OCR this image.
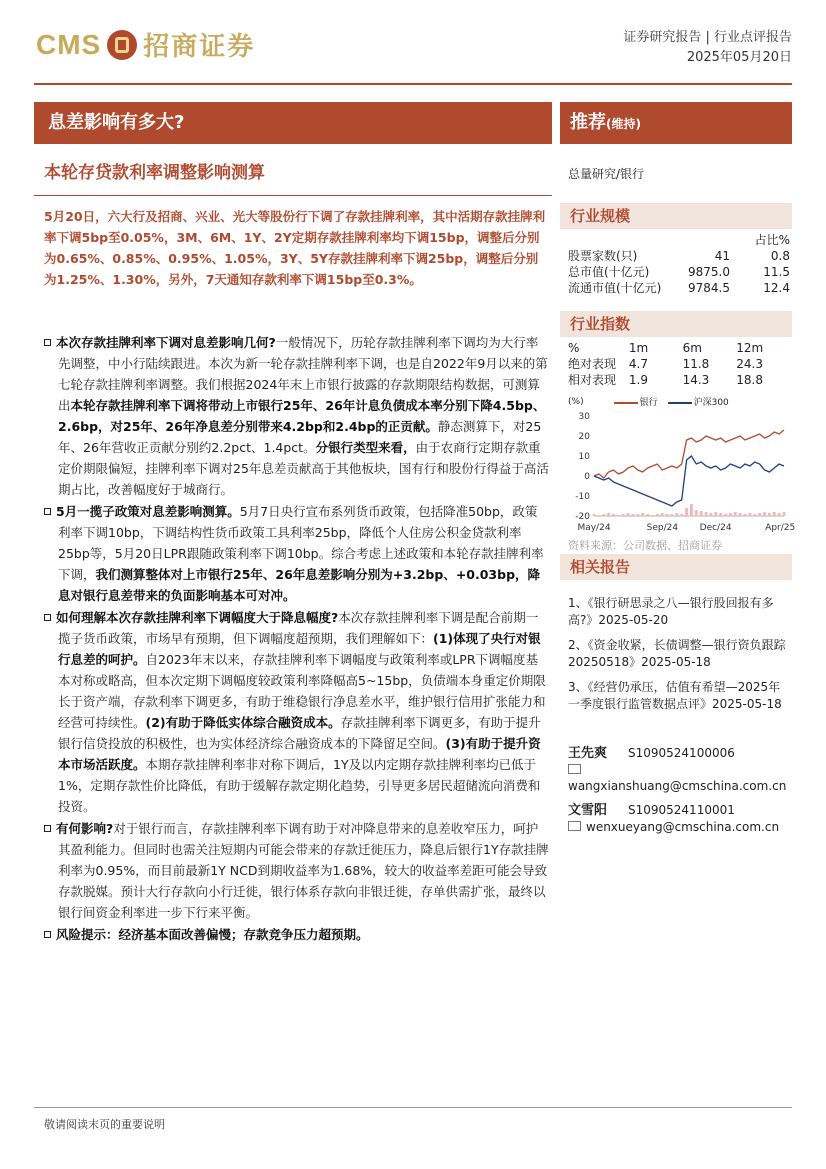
CMS 招商证券	证券研究报告 | 行业点评报告
2025年05月20日
息差影响有多大?	推荐(维持)
本轮存贷款利率调整影响测算

5月20日，六大行及招商、兴业、光大等股份行下调了存款挂牌利率，其中活期存款挂牌利率下调5bp至0.05%，3M、6M、1Y、2Y定期存款挂牌利率均下调15bp，调整后分别为0.65%、0.85%、0.95%、1.05%，3Y、5Y存款挂牌利率下调25bp，调整后分别为1.25%、1.30%，另外，7天通知存款利率下调15bp至0.3%。

本次存款挂牌利率下调对息差影响几何?一般情况下，历轮存款挂牌利率下调均为大行率先调整，中小行陆续跟进。本次为新一轮存款挂牌利率下调，也是自2022年9月以来的第七轮存款挂牌利率调整。我们根据2024年末上市银行披露的存款期限结构数据，可测算出本轮存款挂牌利率下调将带动上市银行25年、26年计息负债成本率分别下降4.5bp、2.6bp，对25年、26年净息差分别带来4.2bp和2.4bp的正贡献。静态测算下，对25年、26年营收正贡献分别约2.2pct、1.4pct。分银行类型来看，由于农商行定期存款重定价期限偏短，挂牌利率下调对25年息差贡献高于其他板块，国有行和股份行得益于高活期占比，改善幅度好于城商行。

5月一揽子政策对息差影响测算。5月7日央行宣布系列货币政策，包括降准50bp，政策利率下调10bp，下调结构性货币政策工具利率25bp，降低个人住房公积金贷款利率25bp等，5月20日LPR跟随政策利率下调10bp。综合考虑上述政策和本轮存款挂牌利率下调，我们测算整体对上市银行25年、26年息差影响分别为+3.2bp、+0.03bp，降息对银行息差带来的负面影响基本可对冲。

如何理解本次存款挂牌利率下调幅度大于降息幅度?本次存款挂牌利率下调是配合前期一揽子货币政策，市场早有预期，但下调幅度超预期，我们理解如下：(1)体现了央行对银行息差的呵护。自2023年末以来，存款挂牌利率下调幅度与政策利率或LPR下调幅度基本对称或略高，但本次定期下调幅度较政策利率降幅高5~15bp，负债端本身重定价期限长于资产端，存款利率下调更多，有助于维稳银行净息差水平，维护银行信用扩张能力和经营可持续性。(2)有助于降低实体综合融资成本。存款挂牌利率下调更多，有助于提升银行信贷投放的积极性，也为实体经济综合融资成本的下降留足空间。(3)有助于提升资本市场活跃度。本期存款挂牌利率非对称下调后，1Y及以内定期存款挂牌利率均已低于1%，定期存款性价比降低，有助于缓解存款定期化趋势，引导更多居民超储流向消费和投资。

有何影响?对于银行而言，存款挂牌利率下调有助于对冲降息带来的息差收窄压力，呵护其盈利能力。但同时也需关注短期内可能会带来的存款迁徙压力，降息后银行1Y存款挂牌利率为0.95%，而目前最新1Y NCD到期收益率为1.68%，较大的收益率差距可能会导致存款脱媒。预计大行存款向小行迁徙，银行体系存款向非银迁徙，存单供需扩张，最终以银行间资金利率进一步下行来平衡。

风险提示：经济基本面改善偏慢；存款竞争压力超预期。

总量研究/银行
行业规模
占比%
股票家数(只)	41	0.8
总市值(十亿元)	9875.0	11.5
流通市值(十亿元)	9784.5	12.4
行业指数
%	1m	6m	12m
绝对表现	4.7	11.8	24.3
相对表现	1.9	14.3	18.8
(%)	银行	沪深300
30
20
10
0
-10
-20
May/24	Sep/24 Dec/24	Apr/25
资料来源：公司数据、招商证券
相关报告

1、《银行研思录之八—银行股回报有多高?》2025-05-20

2、《资金收紧，长债调整—银行资负跟踪20250518》2025-05-18

3、《经营仍承压，估值有希望—2025年一季度银行监管数据点评》2025-05-18

王先爽 S1090524100006
wangxianshuang@cmschina.com.cn
文雪阳 S1090524110001
wenxueyang@cmschina.com.cn
敬请阅读末页的重要说明
